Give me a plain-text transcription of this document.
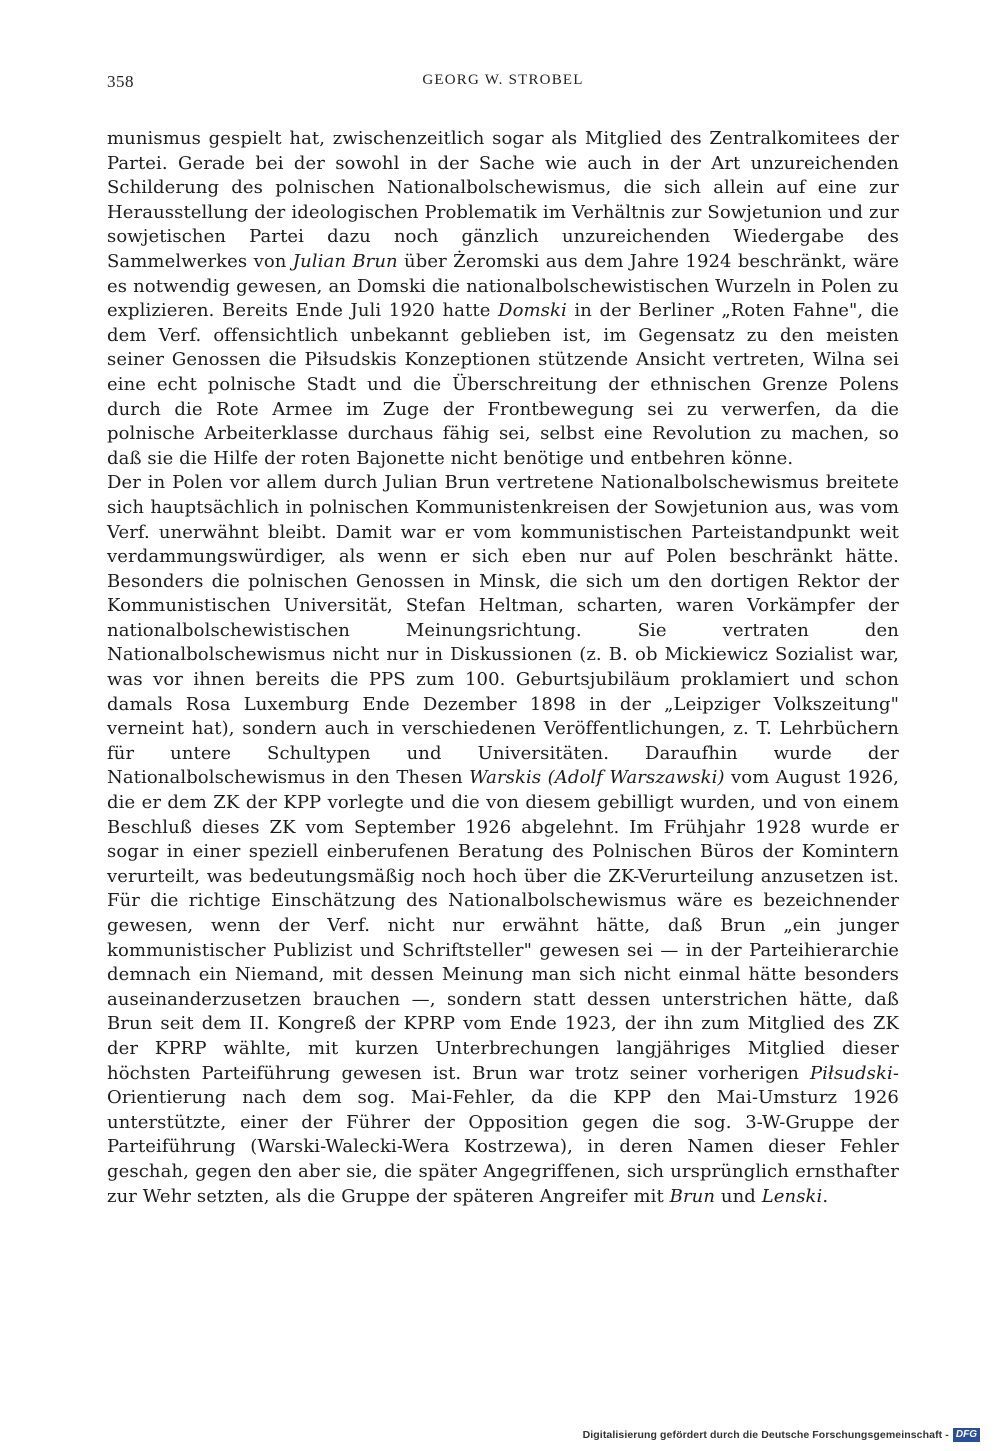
358	GEORG W. STROBEL

munismus gespielt hat, zwischenzeitlich sogar als Mitglied des Zentralkomitees der Partei. Gerade bei der sowohl in der Sache wie auch in der Art unzureichenden Schilderung des polnischen Nationalbolschewismus, die sich allein auf eine zur Herausstellung der ideologischen Problematik im Verhältnis zur Sowjetunion und zur sowjetischen Partei dazu noch gänzlich unzureichenden Wiedergabe des Sammelwerkes von Julian Brun über Żeromski aus dem Jahre 1924 beschränkt, wäre es notwendig gewesen, an Domski die nationalbolschewistischen Wurzeln in Polen zu explizieren. Bereits Ende Juli 1920 hatte Domski in der Berliner „Roten Fahne", die dem Verf. offensichtlich unbekannt geblieben ist, im Gegensatz zu den meisten seiner Genossen die Piłsudskis Konzeptionen stützende Ansicht vertreten, Wilna sei eine echt polnische Stadt und die Überschreitung der ethnischen Grenze Polens durch die Rote Armee im Zuge der Frontbewegung sei zu verwerfen, da die polnische Arbeiterklasse durchaus fähig sei, selbst eine Revolution zu machen, so daß sie die Hilfe der roten Bajonette nicht benötige und entbehren könne.

Der in Polen vor allem durch Julian Brun vertretene Nationalbolschewismus breitete sich hauptsächlich in polnischen Kommunistenkreisen der Sowjetunion aus, was vom Verf. unerwähnt bleibt. Damit war er vom kommunistischen Parteistandpunkt weit verdammungswürdiger, als wenn er sich eben nur auf Polen beschränkt hätte. Besonders die polnischen Genossen in Minsk, die sich um den dortigen Rektor der Kommunistischen Universität, Stefan Heltman, scharten, waren Vorkämpfer der nationalbolschewistischen Meinungsrichtung. Sie vertraten den Nationalbolschewismus nicht nur in Diskussionen (z. B. ob Mickiewicz Sozialist war, was vor ihnen bereits die PPS zum 100. Geburtsjubiläum proklamiert und schon damals Rosa Luxemburg Ende Dezember 1898 in der „Leipziger Volkszeitung" verneint hat), sondern auch in verschiedenen Veröffentlichungen, z. T. Lehrbüchern für untere Schultypen und Universitäten. Daraufhin wurde der Nationalbolschewismus in den Thesen Warskis (Adolf Warszawski) vom August 1926, die er dem ZK der KPP vorlegte und die von diesem gebilligt wurden, und von einem Beschluß dieses ZK vom September 1926 abgelehnt. Im Frühjahr 1928 wurde er sogar in einer speziell einberufenen Beratung des Polnischen Büros der Komintern verurteilt, was bedeutungsmäßig noch hoch über die ZK-Verurteilung anzusetzen ist. Für die richtige Einschätzung des Nationalbolschewismus wäre es bezeichnender gewesen, wenn der Verf. nicht nur erwähnt hätte, daß Brun „ein junger kommunistischer Publizist und Schriftsteller" gewesen sei — in der Parteihierarchie demnach ein Niemand, mit dessen Meinung man sich nicht einmal hätte besonders auseinanderzusetzen brauchen —, sondern statt dessen unterstrichen hätte, daß Brun seit dem II. Kongreß der KPRP vom Ende 1923, der ihn zum Mitglied des ZK der KPRP wählte, mit kurzen Unterbrechungen langjähriges Mitglied dieser höchsten Parteiführung gewesen ist. Brun war trotz seiner vorherigen Piłsudski-Orientierung nach dem sog. Mai-Fehler, da die KPP den Mai-Umsturz 1926 unterstützte, einer der Führer der Opposition gegen die sog. 3-W-Gruppe der Parteiführung (Warski-Walecki-Wera Kostrzewa), in deren Namen dieser Fehler geschah, gegen den aber sie, die später Angegriffenen, sich ursprünglich ernsthafter zur Wehr setzten, als die Gruppe der späteren Angreifer mit Brun und Lenski.

Digitalisierung gefördert durch die Deutsche Forschungsgemeinschaft - DFG
